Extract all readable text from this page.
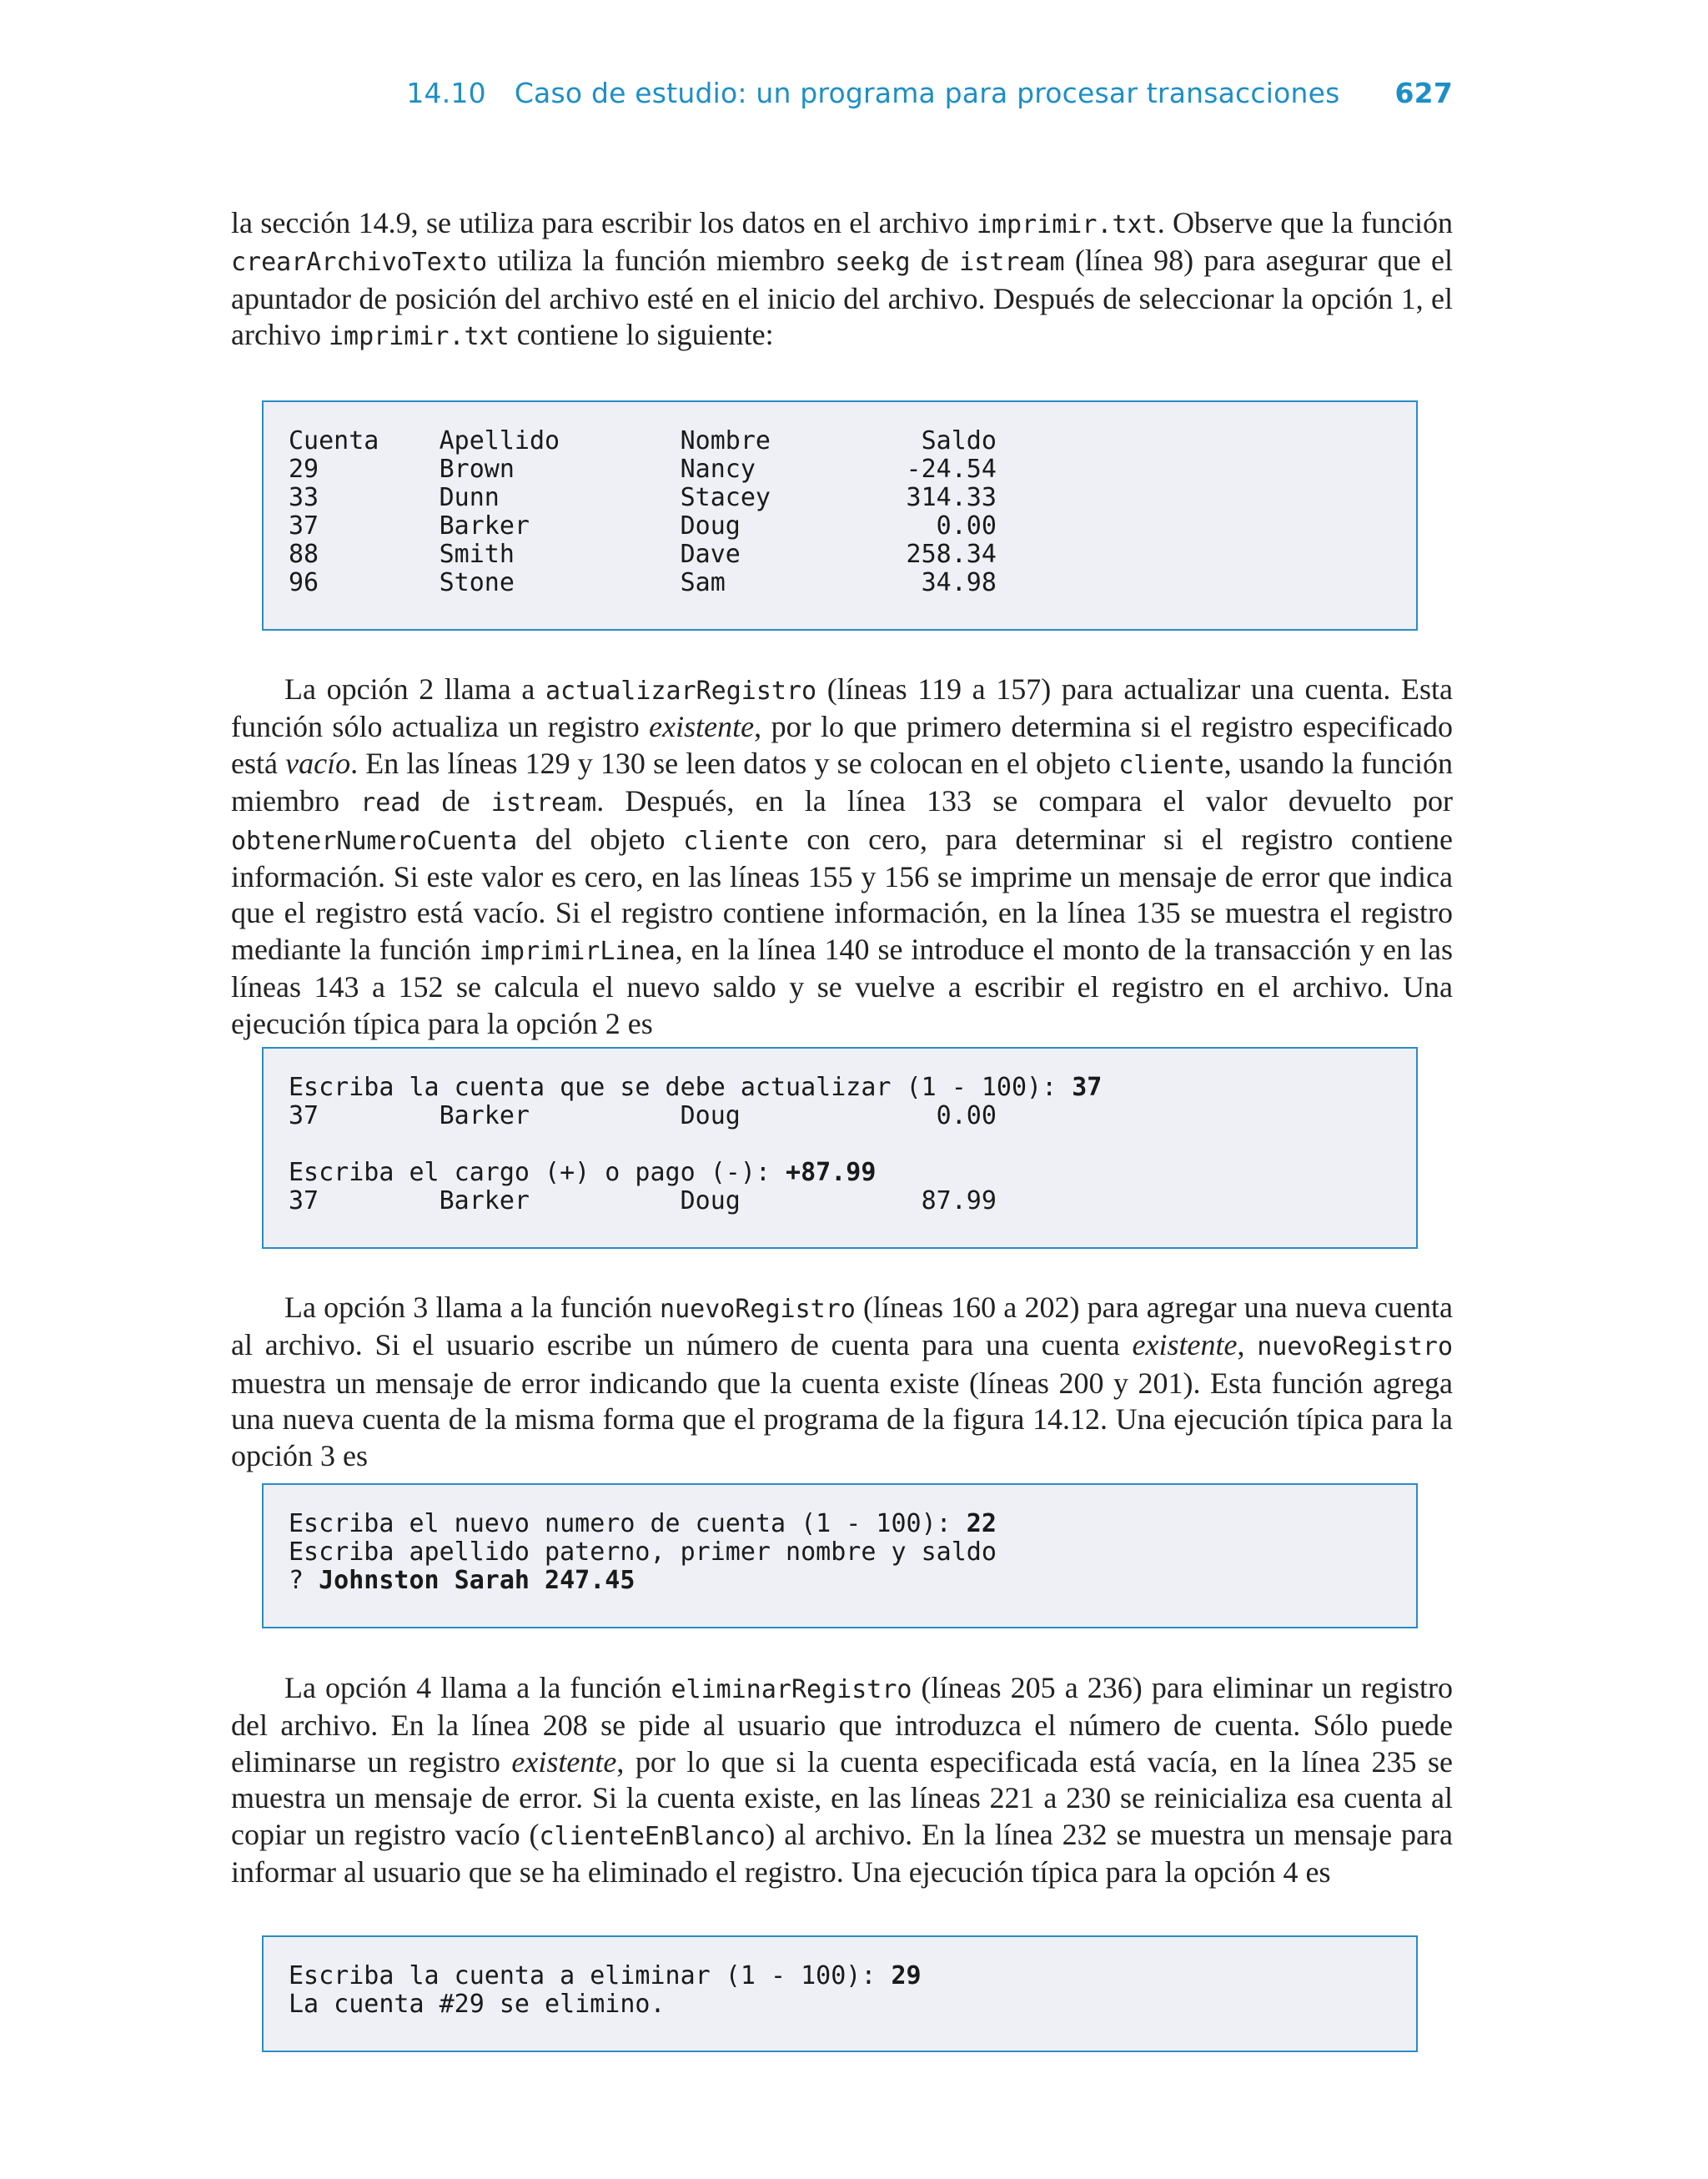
14.10 Caso de estudio: un programa para procesar transacciones 627

la sección 14.9, se utiliza para escribir los datos en el archivo imprimir.txt. Observe que la función crearArchivoTexto utiliza la función miembro seekg de istream (línea 98) para asegurar que el apuntador de posición del archivo esté en el inicio del archivo. Después de seleccionar la opción 1, el archivo imprimir.txt contiene lo siguiente:

Cuenta    Apellido        Nombre          Saldo
29        Brown           Nancy          -24.54
33        Dunn            Stacey         314.33
37        Barker          Doug             0.00
88        Smith           Dave           258.34
96        Stone           Sam             34.98

La opción 2 llama a actualizarRegistro (líneas 119 a 157) para actualizar una cuenta. Esta función sólo actualiza un registro existente, por lo que primero determina si el registro especificado está vacío. En las líneas 129 y 130 se leen datos y se colocan en el objeto cliente, usando la función miembro read de istream. Después, en la línea 133 se compara el valor devuelto por obtenerNumeroCuenta del objeto cliente con cero, para determinar si el registro contiene información. Si este valor es cero, en las líneas 155 y 156 se imprime un mensaje de error que indica que el registro está vacío. Si el registro contiene información, en la línea 135 se muestra el registro mediante la función imprimirLinea, en la línea 140 se introduce el monto de la transacción y en las líneas 143 a 152 se calcula el nuevo saldo y se vuelve a escribir el registro en el archivo. Una ejecución típica para la opción 2 es

Escriba la cuenta que se debe actualizar (1 - 100): 37
37        Barker          Doug             0.00

Escriba el cargo (+) o pago (-): +87.99
37        Barker          Doug            87.99

La opción 3 llama a la función nuevoRegistro (líneas 160 a 202) para agregar una nueva cuenta al archivo. Si el usuario escribe un número de cuenta para una cuenta existente, nuevoRegistro muestra un mensaje de error indicando que la cuenta existe (líneas 200 y 201). Esta función agrega una nueva cuenta de la misma forma que el programa de la figura 14.12. Una ejecución típica para la opción 3 es

Escriba el nuevo numero de cuenta (1 - 100): 22
Escriba apellido paterno, primer nombre y saldo
? Johnston Sarah 247.45

La opción 4 llama a la función eliminarRegistro (líneas 205 a 236) para eliminar un registro del archivo. En la línea 208 se pide al usuario que introduzca el número de cuenta. Sólo puede eliminarse un registro existente, por lo que si la cuenta especificada está vacía, en la línea 235 se muestra un mensaje de error. Si la cuenta existe, en las líneas 221 a 230 se reinicializa esa cuenta al copiar un registro vacío (clienteEnBlanco) al archivo. En la línea 232 se muestra un mensaje para informar al usuario que se ha eliminado el registro. Una ejecución típica para la opción 4 es

Escriba la cuenta a eliminar (1 - 100): 29
La cuenta #29 se elimino.
